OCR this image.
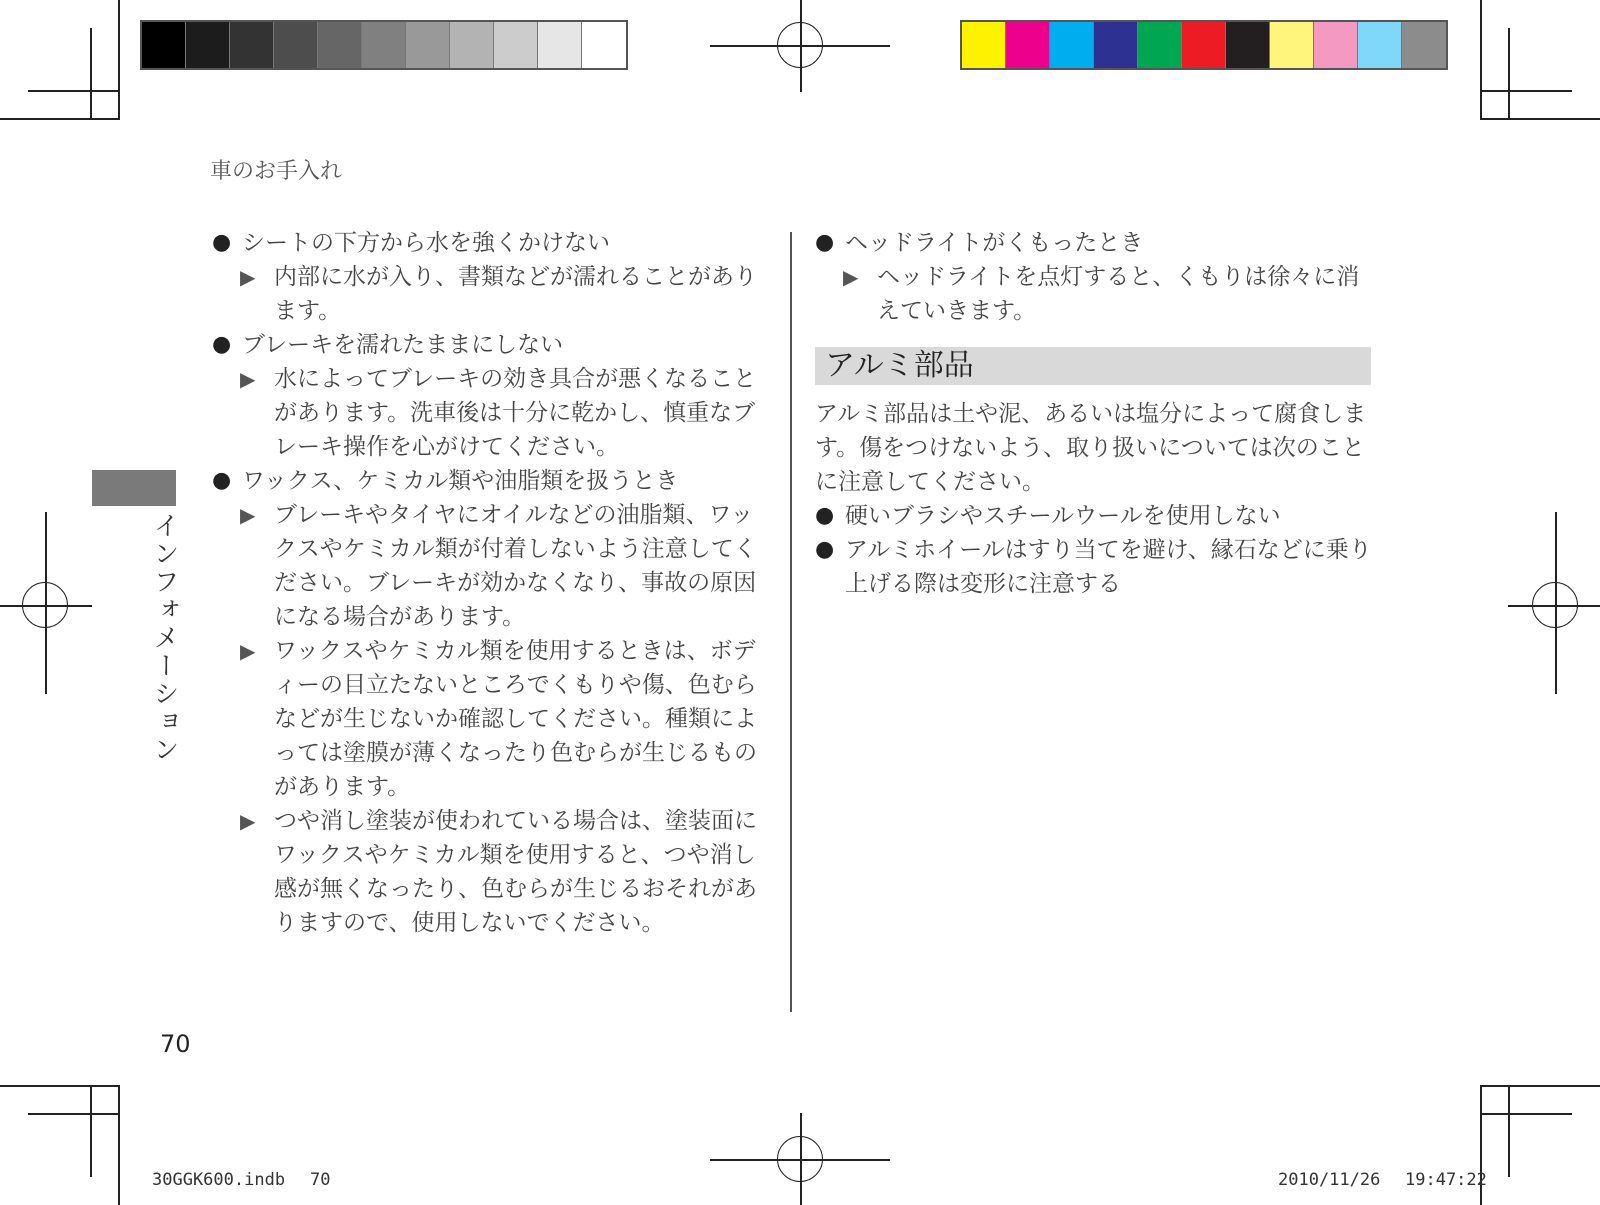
車のお手入れ
● シートの下方から水を強くかけない
▶ 内部に水が入り、書類などが濡れることがあります。
● ブレーキを濡れたままにしない
▶ 水によってブレーキの効き具合が悪くなることがあります。洗車後は十分に乾かし、慎重なブレーキ操作を心がけてください。
● ワックス、ケミカル類や油脂類を扱うとき
▶ ブレーキやタイヤにオイルなどの油脂類、ワックスやケミカル類が付着しないよう注意してください。ブレーキが効かなくなり、事故の原因になる場合があります。
▶ ワックスやケミカル類を使用するときは、ボディーの目立たないところでくもりや傷、色むらなどが生じないか確認してください。種類によっては塗膜が薄くなったり色むらが生じるものがあります。
▶ つや消し塗装が使われている場合は、塗装面にワックスやケミカル類を使用すると、つや消し感が無くなったり、色むらが生じるおそれがありますので、使用しないでください。
● ヘッドライトがくもったとき
▶ ヘッドライトを点灯すると、くもりは徐々に消えていきます。
アルミ部品
アルミ部品は土や泥、あるいは塩分によって腐食します。傷をつけないよう、取り扱いについては次のことに注意してください。
● 硬いブラシやスチールウールを使用しない
● アルミホイールはすり当てを避け、縁石などに乗り上げる際は変形に注意する
インフォメーション
70
30GGK600.indb 70	2010/11/26 19:47:22
